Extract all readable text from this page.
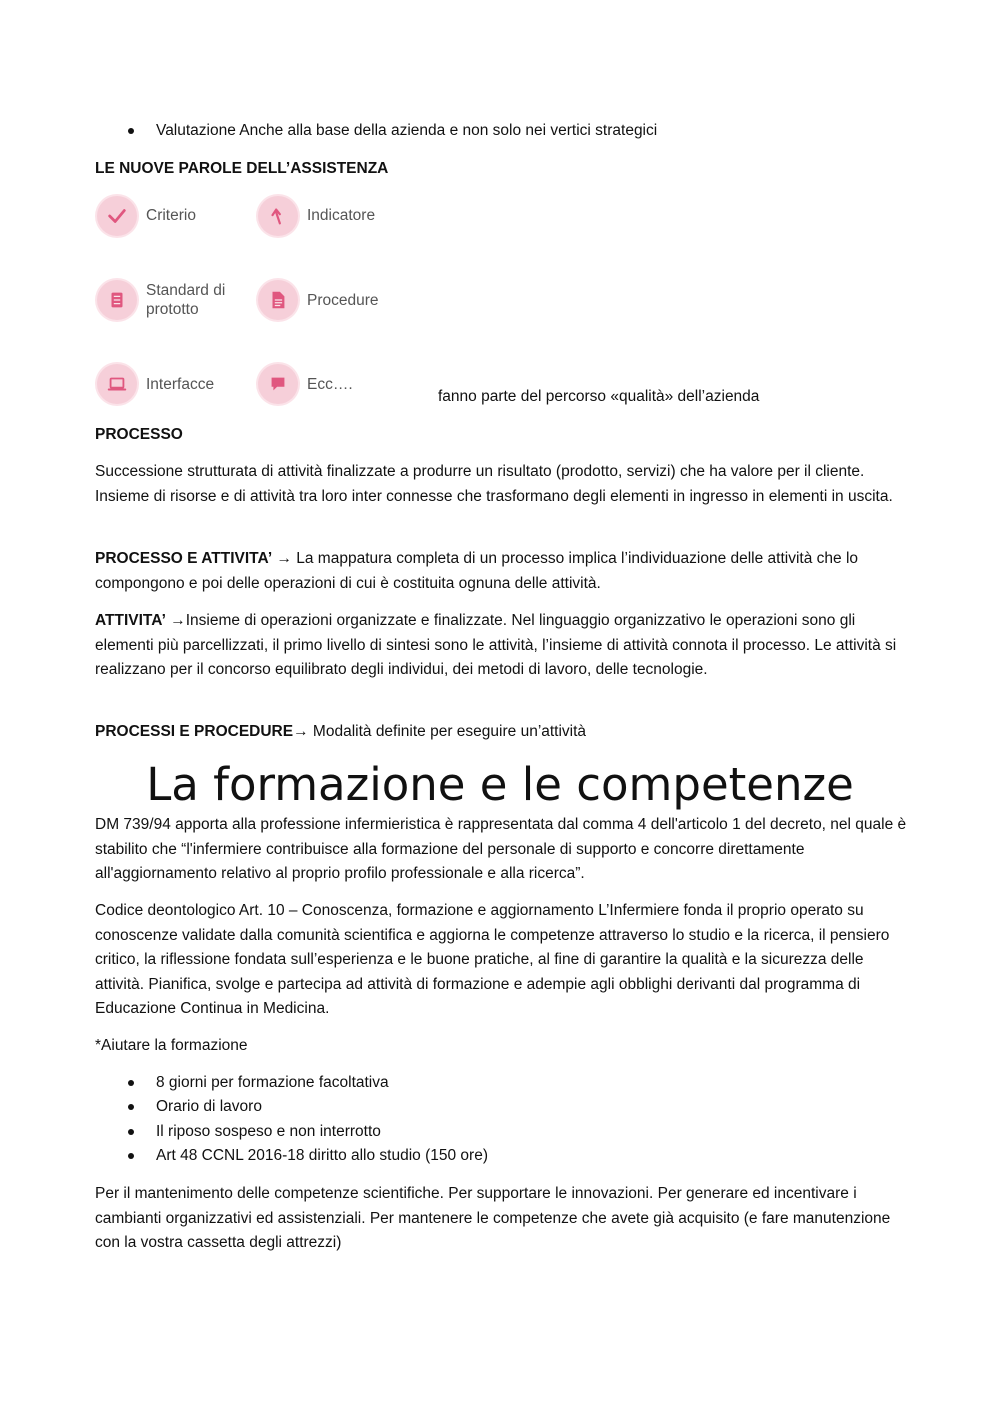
Valutazione Anche alla base della azienda e non solo nei vertici strategici
LE NUOVE PAROLE DELL’ASSISTENZA
Criterio	Indicatore
Standard di
prototto
Procedure
Interfacce	Ecc….
fanno parte del percorso «qualità» dell’azienda
PROCESSO
Successione strutturata di attività finalizzate a produrre un risultato (prodotto, servizi) che ha valore per il cliente. Insieme di risorse e di attività tra loro inter connesse che trasformano degli elementi in ingresso in elementi in uscita.
PROCESSO E ATTIVITA’ → La mappatura completa di un processo implica l’individuazione delle attività che lo compongono e poi delle operazioni di cui è costituita ognuna delle attività.
ATTIVITA’ →Insieme di operazioni organizzate e finalizzate. Nel linguaggio organizzativo le operazioni sono gli elementi più parcellizzati, il primo livello di sintesi sono le attività, l’insieme di attività connota il processo. Le attività si realizzano per il concorso equilibrato degli individui, dei metodi di lavoro, delle tecnologie.
PROCESSI E PROCEDURE→ Modalità definite per eseguire un’attività
La formazione e le competenze
DM 739/94 apporta alla professione infermieristica è rappresentata dal comma 4 dell'articolo 1 del decreto, nel quale è stabilito che “l'infermiere contribuisce alla formazione del personale di supporto e concorre direttamente all'aggiornamento relativo al proprio profilo professionale e alla ricerca”.
Codice deontologico Art. 10 – Conoscenza, formazione e aggiornamento L’Infermiere fonda il proprio operato su conoscenze validate dalla comunità scientifica e aggiorna le competenze attraverso lo studio e la ricerca, il pensiero critico, la riflessione fondata sull’esperienza e le buone pratiche, al fine di garantire la qualità e la sicurezza delle attività. Pianifica, svolge e partecipa ad attività di formazione e adempie agli obblighi derivanti dal programma di Educazione Continua in Medicina.
*Aiutare la formazione
8 giorni per formazione facoltativa
Orario di lavoro
Il riposo sospeso e non interrotto
Art 48 CCNL 2016-18 diritto allo studio (150 ore)
Per il mantenimento delle competenze scientifiche. Per supportare le innovazioni. Per generare ed incentivare i cambianti organizzativi ed assistenziali. Per mantenere le competenze che avete già acquisito (e fare manutenzione con la vostra cassetta degli attrezzi)
